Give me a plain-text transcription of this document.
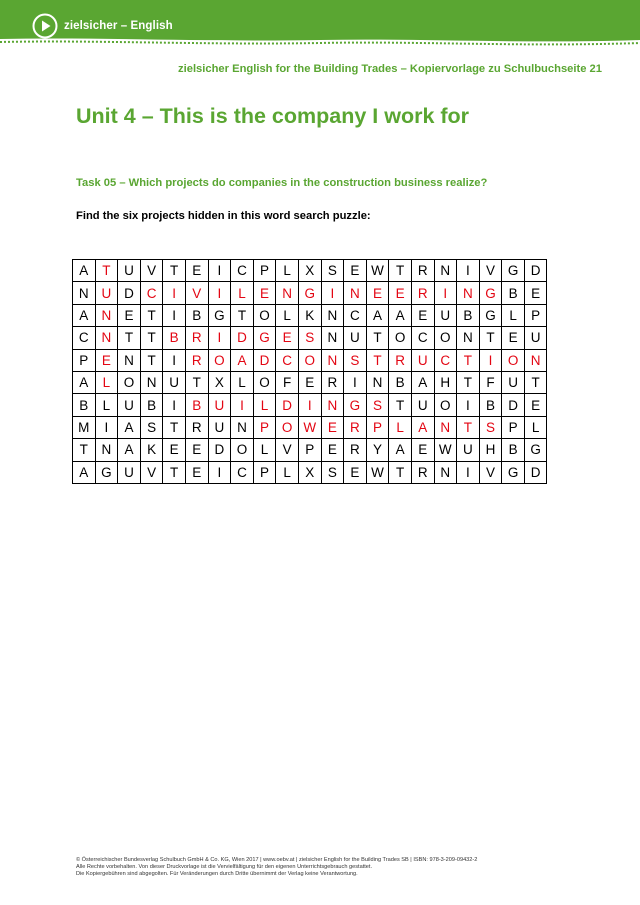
zielsicher – English
zielsicher English for the Building Trades – Kopiervorlage zu Schulbuchseite 21
Unit 4 – This is the company I work for
Task 05 – Which projects do companies in the construction business realize?
Find the six projects hidden in this word search puzzle:
A	T	U	V	T	E	I	C	P	L	X	S	E	W	T	R	N	I	V	G	D
N	U	D	C	I	V	I	L	E	N	G	I	N	E	E	R	I	N	G	B	E
A	N	E	T	I	B	G	T	O	L	K	N	C	A	A	E	U	B	G	L	P
C	N	T	T	B	R	I	D	G	E	S	N	U	T	O	C	O	N	T	E	U
P	E	N	T	I	R	O	A	D	C	O	N	S	T	R	U	C	T	I	O	N
A	L	O	N	U	T	X	L	O	F	E	R	I	N	B	A	H	T	F	U	T
B	L	U	B	I	B	U	I	L	D	I	N	G	S	T	U	O	I	B	D	E
M	I	A	S	T	R	U	N	P	O	W	E	R	P	L	A	N	T	S	P	L
T	N	A	K	E	E	D	O	L	V	P	E	R	Y	A	E	W	U	H	B	G
A	G	U	V	T	E	I	C	P	L	X	S	E	W	T	R	N	I	V	G	D
© Österreichischer Bundesverlag Schulbuch GmbH & Co. KG, Wien 2017 | www.oebv.at | zielsicher English for the Building Trades SB | ISBN: 978-3-209-09432-2
Alle Rechte vorbehalten. Von dieser Druckvorlage ist die Vervielfältigung für den eigenen Unterrichtsgebrauch gestattet.
Die Kopiergebühren sind abgegolten. Für Veränderungen durch Dritte übernimmt der Verlag keine Verantwortung.
